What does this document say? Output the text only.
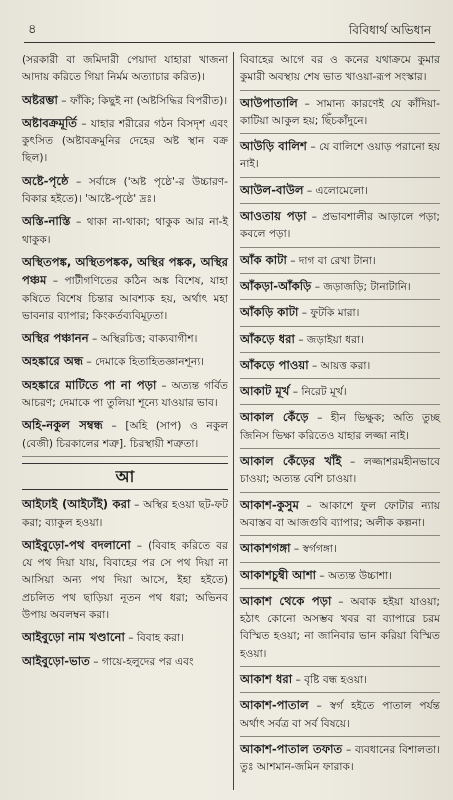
৪	বিবিধার্থ অভিধান
(সরকারী বা জমিদারী পেয়াদা যাহারা খাজনা আদায় করিতে গিয়া নির্মম অত্যাচার করিত)।
অষ্টরম্ভা – ফাঁকি; কিছুই না (অষ্টসিদ্ধির বিপরীত)।
অষ্টাবক্রমূর্তি – যাহার শরীরের গঠন বিসদৃশ এবং কুৎসিত (অষ্টাবক্রমুনির দেহের অষ্ট স্থান বক্র ছিল)।
অষ্টে-পৃষ্ঠে – সর্বাঙ্গে ('অষ্ট পৃষ্ঠে'-র উচ্চারণ-বিকার হইতে)। 'আষ্টে-পৃষ্ঠে' দ্রঃ।
অস্তি-নাস্তি – থাকা না-থাকা; থাকুক আর না-ই থাকুক।
অস্থিতপঙ্ক, অস্থিতপঙ্কক, অস্থির পঙ্কক, অস্থির পঞ্চম – পাটীগণিতের কঠিন অঙ্ক বিশেষ, যাহা কষিতে বিশেষ চিন্তার আবশ্যক হয়, অর্থাৎ মহা ভাবনার ব্যাপার; কিংকর্তব্যবিমূঢ়তা।
অস্থির পঞ্চানন – অস্থিরচিত্ত; বাক্যবাগীশ।
অহঙ্কারে অন্ধ – দেমাকে হিতাহিতজ্ঞানশূন্য।
অহঙ্কারে মাটিতে পা না পড়া – অত্যন্ত গর্বিত আচরণ; দেমাকে পা তুলিয়া শূন্যে যাওয়ার ভাব।
অহি-নকুল সম্বন্ধ – [অহি (সাপ) ও নকুল (বেজী) চিরকালের শত্রু]. চিরস্থায়ী শত্রুতা।
আ
আইঢাই (আইঢাঁই) করা – অস্থির হওয়া ছট-ফট করা; ব্যাকুল হওয়া।
আইবুড়ো-পথ বদলানো – (বিবাহ করিতে বর যে পথ দিয়া যায়, বিবাহের পর সে পথ দিয়া না আসিয়া অন্য পথ দিয়া আসে, ইহা হইতে) প্রচলিত পথ ছাড়িয়া নূতন পথ ধরা; অভিনব উপায় অবলম্বন করা।
আইবুড়ো নাম খণ্ডানো – বিবাহ করা।
আইবুড়ো-ভাত – গায়ে-হলুদের পর এবং
বিবাহের আগে বর ও কনের যথাক্রমে কুমার কুমারী অবস্থায় শেষ ভাত খাওয়া-রূপ সংস্কার।
আউপাতালি – সামান্য কারণেই যে কাঁদিয়া-কাটিয়া আকুল হয়; ছিঁচকাঁদুনে।
আউড়ি বালিশ – যে বালিশে ওয়াড় পরানো হয় নাই।
আউল-বাউল – এলোমেলো।
আওতায় পড়া – প্রভাবশালীর আড়ালে পড়া; কবলে পড়া।
আঁক কাটা – দাগ বা রেখা টানা।
আঁকড়া-আঁকড়ি – জড়াজড়ি; টানাটানি।
আঁকড়ি কাটা – ফুটকি মারা।
আঁকড়ে ধরা – জড়াইয়া ধরা।
আঁকড়ে পাওয়া – আয়ত্ত করা।
আকাট মূর্খ – নিরেট মূর্খ।
আকাল কেঁড়ে – হীন ভিক্ষুক; অতি তুচ্ছ জিনিস ভিক্ষা করিতেও যাহার লজ্জা নাই।
আকাল কেঁড়ের খাঁই – লজ্জাশরমহীনভাবে চাওয়া; অত্যন্ত বেশি চাওয়া।
আকাশ-কুসুম – আকাশে ফুল ফোটার ন্যায় অবাস্তব বা আজগুবি ব্যাপার; অলীক কল্পনা।
আকাশগঙ্গা – স্বর্গগঙ্গা।
আকাশচুম্বী আশা – অত্যন্ত উচ্চাশা।
আকাশ থেকে পড়া – অবাক হইয়া যাওয়া; হঠাৎ কোনো অসম্ভব খবর বা ব্যাপারে চরম বিস্মিত হওয়া; না জানিবার ভান করিয়া বিস্মিত হওয়া।
আকাশ ধরা – বৃষ্টি বন্ধ হওয়া।
আকাশ-পাতাল – স্বর্গ হইতে পাতাল পর্যন্ত অর্থাৎ সর্বত্র বা সর্ব বিষয়ে।
আকাশ-পাতাল তফাত – ব্যবধানের বিশালতা। তুঃ আশমান-জমিন ফারাক।
